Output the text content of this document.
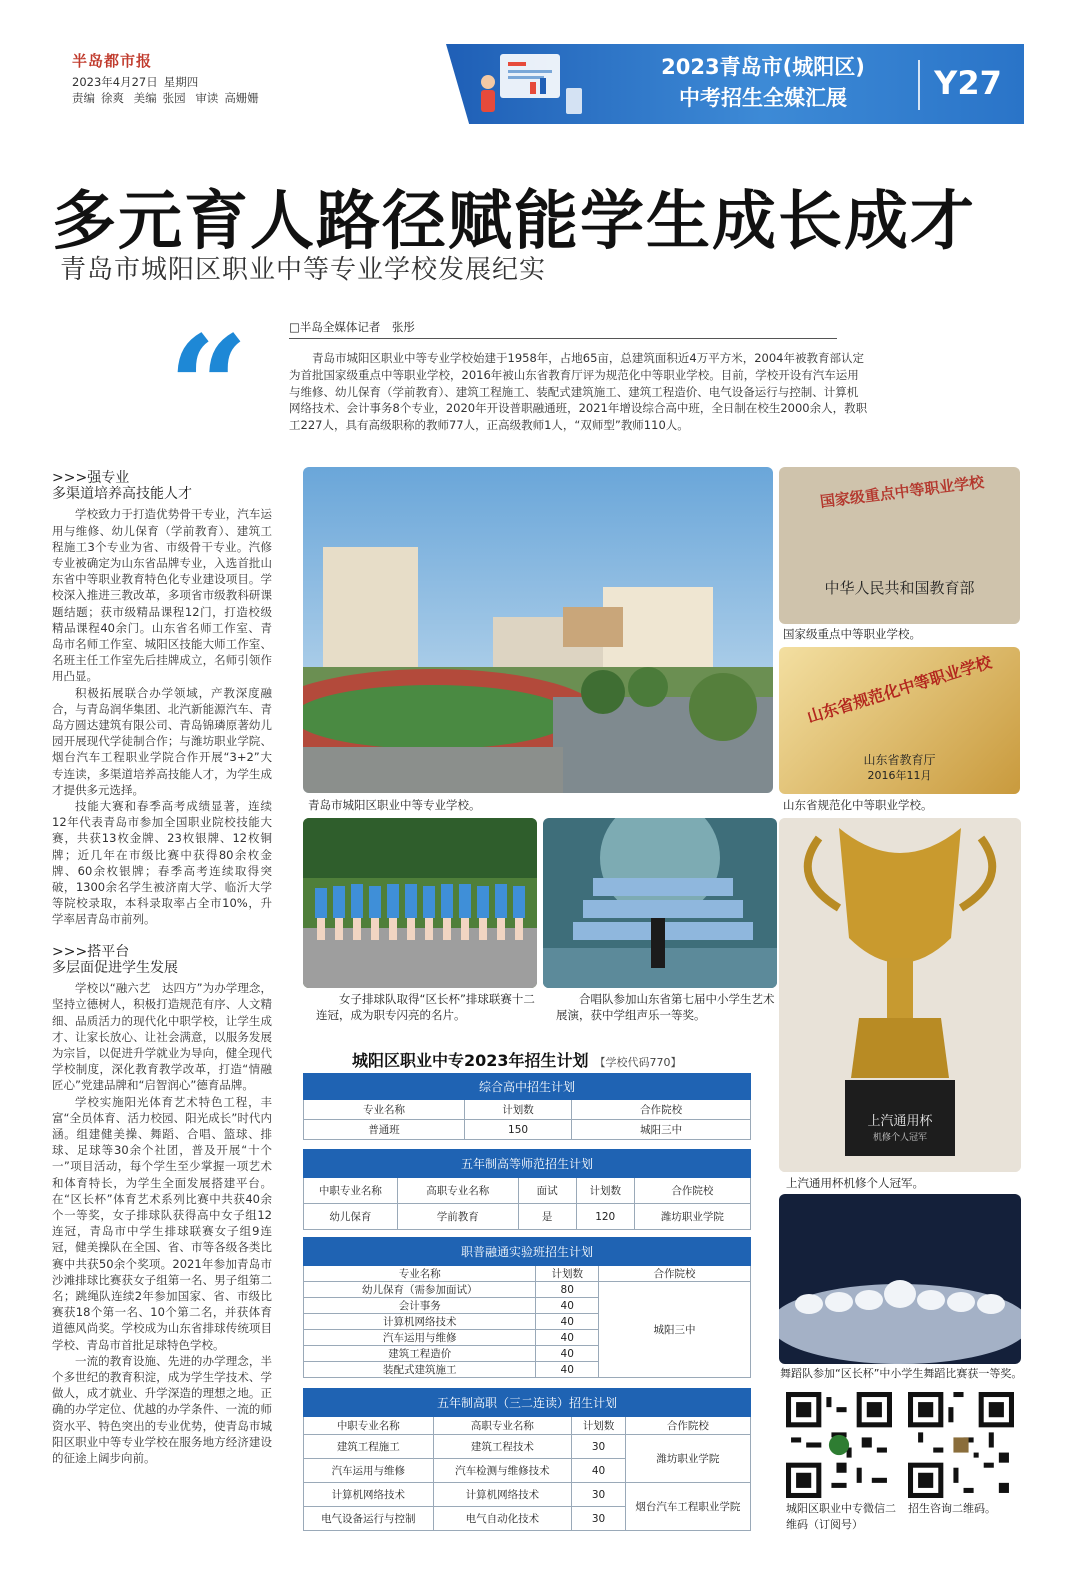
半岛都市报
2023年4月27日 星期四
责编 徐爽 美编 张园 审读 高姗姗
2023青岛市(城阳区)
中考招生全媒汇展	Y27
多元育人路径赋能学生成长成才
青岛市城阳区职业中等专业学校发展纪实
“	□半岛全媒体记者　张彤
青岛市城阳区职业中等专业学校始建于1958年，占地65亩，总建筑面积近4万平方米，2004年被教育部认定为首批国家级重点中等职业学校，2016年被山东省教育厅评为规范化中等职业学校。目前，学校开设有汽车运用与维修、幼儿保育（学前教育）、建筑工程施工、装配式建筑施工、建筑工程造价、电气设备运行与控制、计算机网络技术、会计事务8个专业，2020年开设普职融通班，2021年增设综合高中班，全日制在校生2000余人，教职工227人，具有高级职称的教师77人，正高级教师1人，“双师型”教师110人。
>>>强专业
多渠道培养高技能人才

学校致力于打造优势骨干专业，汽车运用与维修、幼儿保育（学前教育）、建筑工程施工3个专业为省、市级骨干专业。汽修专业被确定为山东省品牌专业，入选首批山东省中等职业教育特色化专业建设项目。学校深入推进三教改革，多项省市级教科研课题结题；获市级精品课程12门，打造校级精品课程40余门。山东省名师工作室、青岛市名师工作室、城阳区技能大师工作室、名班主任工作室先后挂牌成立，名师引领作用凸显。

积极拓展联合办学领域，产教深度融合，与青岛润华集团、北汽新能源汽车、青岛方圆达建筑有限公司、青岛锦璘原著幼儿园开展现代学徒制合作；与潍坊职业学院、烟台汽车工程职业学院合作开展“3+2”大专连读，多渠道培养高技能人才，为学生成才提供多元选择。

技能大赛和春季高考成绩显著，连续12年代表青岛市参加全国职业院校技能大赛，共获13枚金牌、23枚银牌、12枚铜牌；近几年在市级比赛中获得80余枚金牌、60余枚银牌；春季高考连续取得突破，1300余名学生被济南大学、临沂大学等院校录取，本科录取率占全市10%，升学率居青岛市前列。

>>>搭平台
多层面促进学生发展

学校以“融六艺　达四方”为办学理念，坚持立德树人，积极打造规范有序、人文精细、品质活力的现代化中职学校，让学生成才、让家长放心、让社会满意，以服务发展为宗旨，以促进升学就业为导向，健全现代学校制度，深化教育教学改革，打造“情融匠心”党建品牌和“启智润心”德育品牌。

学校实施阳光体育艺术特色工程，丰富“全员体育、活力校园、阳光成长”时代内涵。组建健美操、舞蹈、合唱、篮球、排球、足球等30余个社团，普及开展“十个一”项目活动，每个学生至少掌握一项艺术和体育特长，为学生全面发展搭建平台。在“区长杯”体育艺术系列比赛中共获40余个一等奖，女子排球队获得高中女子组12连冠，青岛市中学生排球联赛女子组9连冠，健美操队在全国、省、市等各级各类比赛中共获50余个奖项。2021年参加青岛市沙滩排球比赛获女子组第一名、男子组第二名；跳绳队连续2年参加国家、省、市级比赛获18个第一名、10个第二名，并获体育道德风尚奖。学校成为山东省排球传统项目学校、青岛市首批足球特色学校。

一流的教育设施、先进的办学理念，半个多世纪的教育积淀，成为学生学技术、学做人，成才就业、升学深造的理想之地。正确的办学定位、优越的办学条件、一流的师资水平、特色突出的专业优势，使青岛市城阳区职业中等专业学校在服务地方经济建设的征途上阔步向前。

青岛市城阳区职业中等专业学校。
国家级重点中等职业学校
中华人民共和国教育部
国家级重点中等职业学校。
山东省规范化中等职业学校
山东省教育厅
2016年11月
山东省规范化中等职业学校。
女子排球队取得“区长杯”排球联赛十二连冠，成为职专闪亮的名片。
合唱队参加山东省第七届中小学生艺术展演，获中学组声乐一等奖。
上汽通用杯
机修个人冠军
上汽通用杯机修个人冠军。
舞蹈队参加“区长杯”中小学生舞蹈比赛获一等奖。
城阳区职业中专微信二维码（订阅号）
招生咨询二维码。
城阳区职业中专2023年招生计划 【学校代码770】
综合高中招生计划		
专业名称	计划数	合作院校
普通班	150	城阳三中
五年制高等师范招生计划				
中职专业名称	高职专业名称	面试	计划数	合作院校
幼儿保育	学前教育	是	120	潍坊职业学院
职普融通实验班招生计划		
专业名称	计划数	合作院校
幼儿保育（需参加面试）	80	城阳三中
会计事务	40	
计算机网络技术	40	
汽车运用与维修	40	
建筑工程造价	40	
装配式建筑施工	40	
五年制高职（三二连读）招生计划			
中职专业名称	高职专业名称	计划数	合作院校
建筑工程施工	建筑工程技术	30	潍坊职业学院
汽车运用与维修	汽车检测与维修技术	40	
计算机网络技术	计算机网络技术	30	烟台汽车工程职业学院
电气设备运行与控制	电气自动化技术	30	
